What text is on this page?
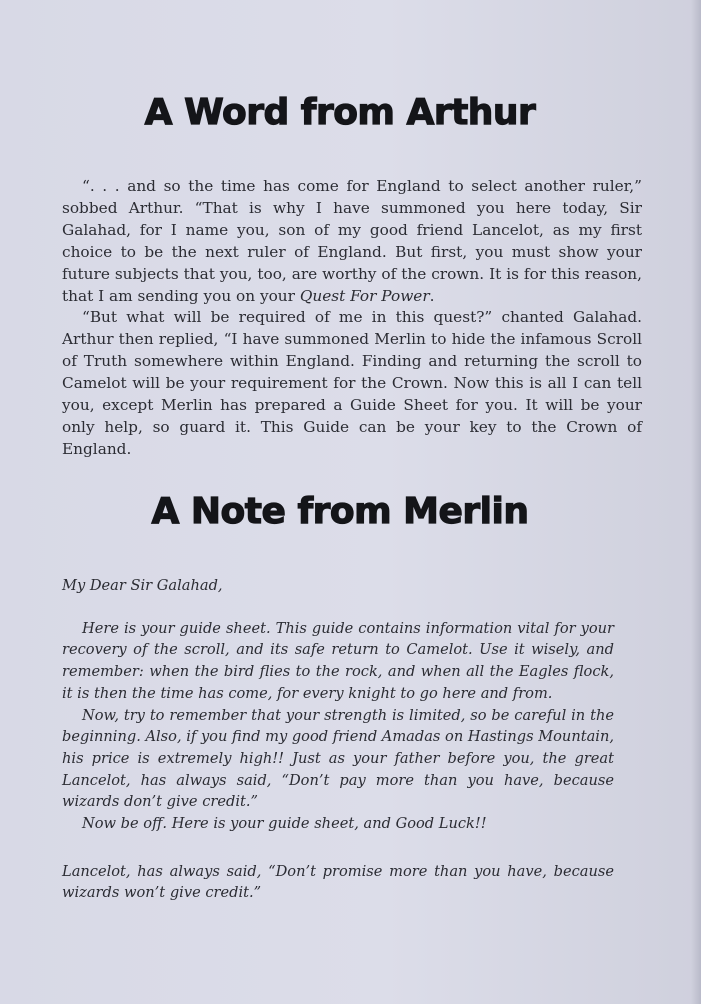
A Word from Arthur

“. . . and so the time has come for England to select another ruler,” sobbed Arthur. “That is why I have summoned you here today, Sir Galahad, for I name you, son of my good friend Lancelot, as my first choice to be the next ruler of England. But first, you must show your future subjects that you, too, are worthy of the crown. It is for this reason, that I am sending you on your Quest For Power.

“But what will be required of me in this quest?” chanted Galahad. Arthur then replied, “I have summoned Merlin to hide the infamous Scroll of Truth somewhere within England. Finding and returning the scroll to Camelot will be your requirement for the Crown. Now this is all I can tell you, except Merlin has prepared a Guide Sheet for you. It will be your only help, so guard it. This Guide can be your key to the Crown of England.

A Note from Merlin

My Dear Sir Galahad,

Here is your guide sheet. This guide contains information vital for your recovery of the scroll, and its safe return to Camelot. Use it wisely, and remember: when the bird flies to the rock, and when all the Eagles flock, it is then the time has come, for every knight to go here and from.

Now, try to remember that your strength is limited, so be careful in the beginning. Also, if you find my good friend Amadas on Hastings Mountain, his price is extremely high!! Just as your father before you, the great Lancelot, has always said, “Don’t pay more than you have, because wizards don’t give credit.”

Now be off. Here is your guide sheet, and Good Luck!!

Lancelot, has always said, “Don’t promise more than you have, because wizards won’t give credit.”
